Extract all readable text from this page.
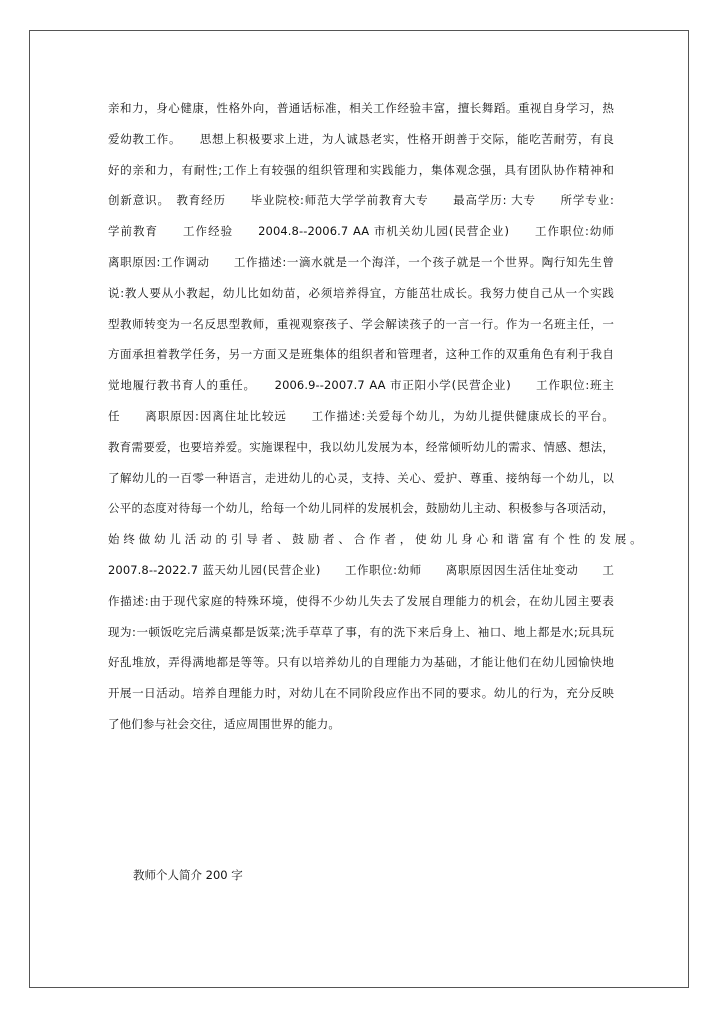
亲和力，身心健康，性格外向，普通话标准，相关工作经验丰富，擅长舞蹈。重视自身学习，热
爱幼教工作。　　思想上积极要求上进，为人诚恳老实，性格开朗善于交际，能吃苦耐劳，有良
好的亲和力，有耐性;工作上有较强的组织管理和实践能力，集体观念强，具有团队协作精神和
创新意识。　教育经历　　毕业院校:师范大学学前教育大专　　最高学历: 大专　　所学专业:
学前教育　　工作经验　　2004.8--2006.7 AA 市机关幼儿园(民营企业)　　工作职位:幼师
离职原因:工作调动　　工作描述:一滴水就是一个海洋，一个孩子就是一个世界。陶行知先生曾
说:教人要从小教起，幼儿比如幼苗，必须培养得宜，方能茁壮成长。我努力使自己从一个实践
型教师转变为一名反思型教师，重视观察孩子、学会解读孩子的一言一行。作为一名班主任，一
方面承担着教学任务，另一方面又是班集体的组织者和管理者，这种工作的双重角色有利于我自
觉地履行教书育人的重任。　　2006.9--2007.7 AA 市正阳小学(民营企业)　　工作职位:班主
任　　离职原因:因离住址比较远　　工作描述:关爱每个幼儿，为幼儿提供健康成长的平台。
教育需要爱，也要培养爱。实施课程中，我以幼儿发展为本，经常倾听幼儿的需求、情感、想法，
了解幼儿的一百零一种语言，走进幼儿的心灵，支持、关心、爱护、尊重、接纳每一个幼儿，以
公平的态度对待每一个幼儿，给每一个幼儿同样的发展机会，鼓励幼儿主动、积极参与各项活动，
始 终 做 幼 儿 活 动 的 引 导 者 、 鼓 励 者 、 合 作 者 ， 使 幼 儿 身 心 和 谐 富 有 个 性 的 发 展 。
2007.8--2022.7 蓝天幼儿园(民营企业)　　工作职位:幼师　　离职原因因生活住址变动　　工
作描述:由于现代家庭的特殊环境，使得不少幼儿失去了发展自理能力的机会，在幼儿园主要表
现为:一顿饭吃完后满桌都是饭菜;洗手草草了事，有的洗下来后身上、袖口、地上都是水;玩具玩
好乱堆放，弄得满地都是等等。只有以培养幼儿的自理能力为基础，才能让他们在幼儿园愉快地
开展一日活动。培养自理能力时，对幼儿在不同阶段应作出不同的要求。幼儿的行为，充分反映
了他们参与社会交往，适应周围世界的能力。
教师个人简介 200 字
